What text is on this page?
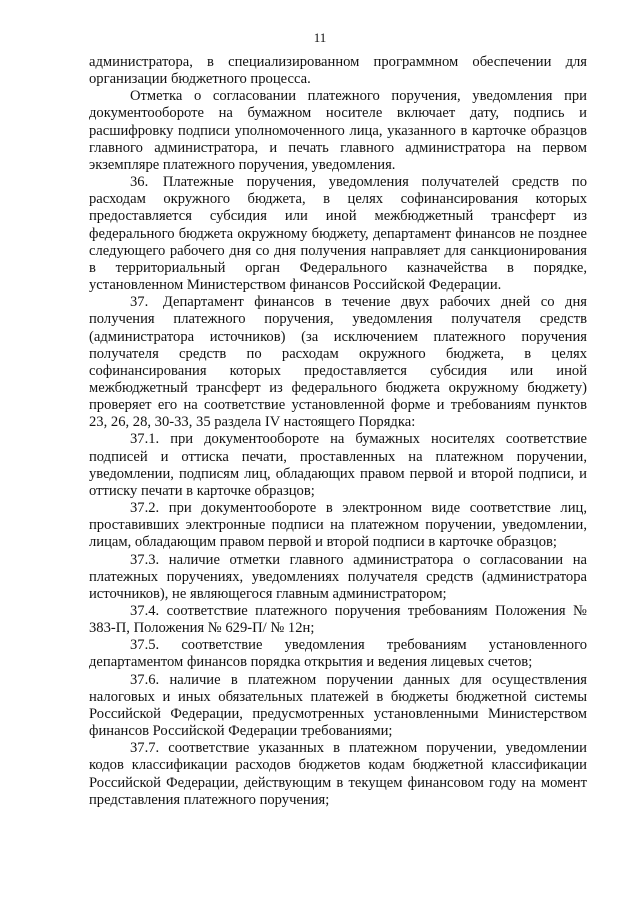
11

администратора, в специализированном программном обеспечении для организации бюджетного процесса.

Отметка о согласовании платежного поручения, уведомления при документообороте на бумажном носителе включает дату, подпись и расшифровку подписи уполномоченного лица, указанного в карточке образцов главного администратора, и печать главного администратора на первом экземпляре платежного поручения, уведомления.

36. Платежные поручения, уведомления получателей средств по расходам окружного бюджета, в целях софинансирования которых предоставляется субсидия или иной межбюджетный трансферт из федерального бюджета окружному бюджету, департамент финансов не позднее следующего рабочего дня со дня получения направляет для санкционирования в территориальный орган Федерального казначейства в порядке, установленном Министерством финансов Российской Федерации.

37. Департамент финансов в течение двух рабочих дней со дня получения платежного поручения, уведомления получателя средств (администратора источников) (за исключением платежного поручения получателя средств по расходам окружного бюджета, в целях софинансирования которых предоставляется субсидия или иной межбюджетный трансферт из федерального бюджета окружному бюджету) проверяет его на соответствие установленной форме и требованиям пунктов 23, 26, 28, 30-33, 35 раздела IV настоящего Порядка:

37.1. при документообороте на бумажных носителях соответствие подписей и оттиска печати, проставленных на платежном поручении, уведомлении, подписям лиц, обладающих правом первой и второй подписи, и оттиску печати в карточке образцов;

37.2. при документообороте в электронном виде соответствие лиц, проставивших электронные подписи на платежном поручении, уведомлении, лицам, обладающим правом первой и второй подписи в карточке образцов;

37.3. наличие отметки главного администратора о согласовании на платежных поручениях, уведомлениях получателя средств (администратора источников), не являющегося главным администратором;

37.4. соответствие платежного поручения требованиям Положения № 383-П, Положения № 629-П/ № 12н;

37.5. соответствие уведомления требованиям установленного департаментом финансов порядка открытия и ведения лицевых счетов;

37.6. наличие в платежном поручении данных для осуществления налоговых и иных обязательных платежей в бюджеты бюджетной системы Российской Федерации, предусмотренных установленными Министерством финансов Российской Федерации требованиями;

37.7. соответствие указанных в платежном поручении, уведомлении кодов классификации расходов бюджетов кодам бюджетной классификации Российской Федерации, действующим в текущем финансовом году на момент представления платежного поручения;
